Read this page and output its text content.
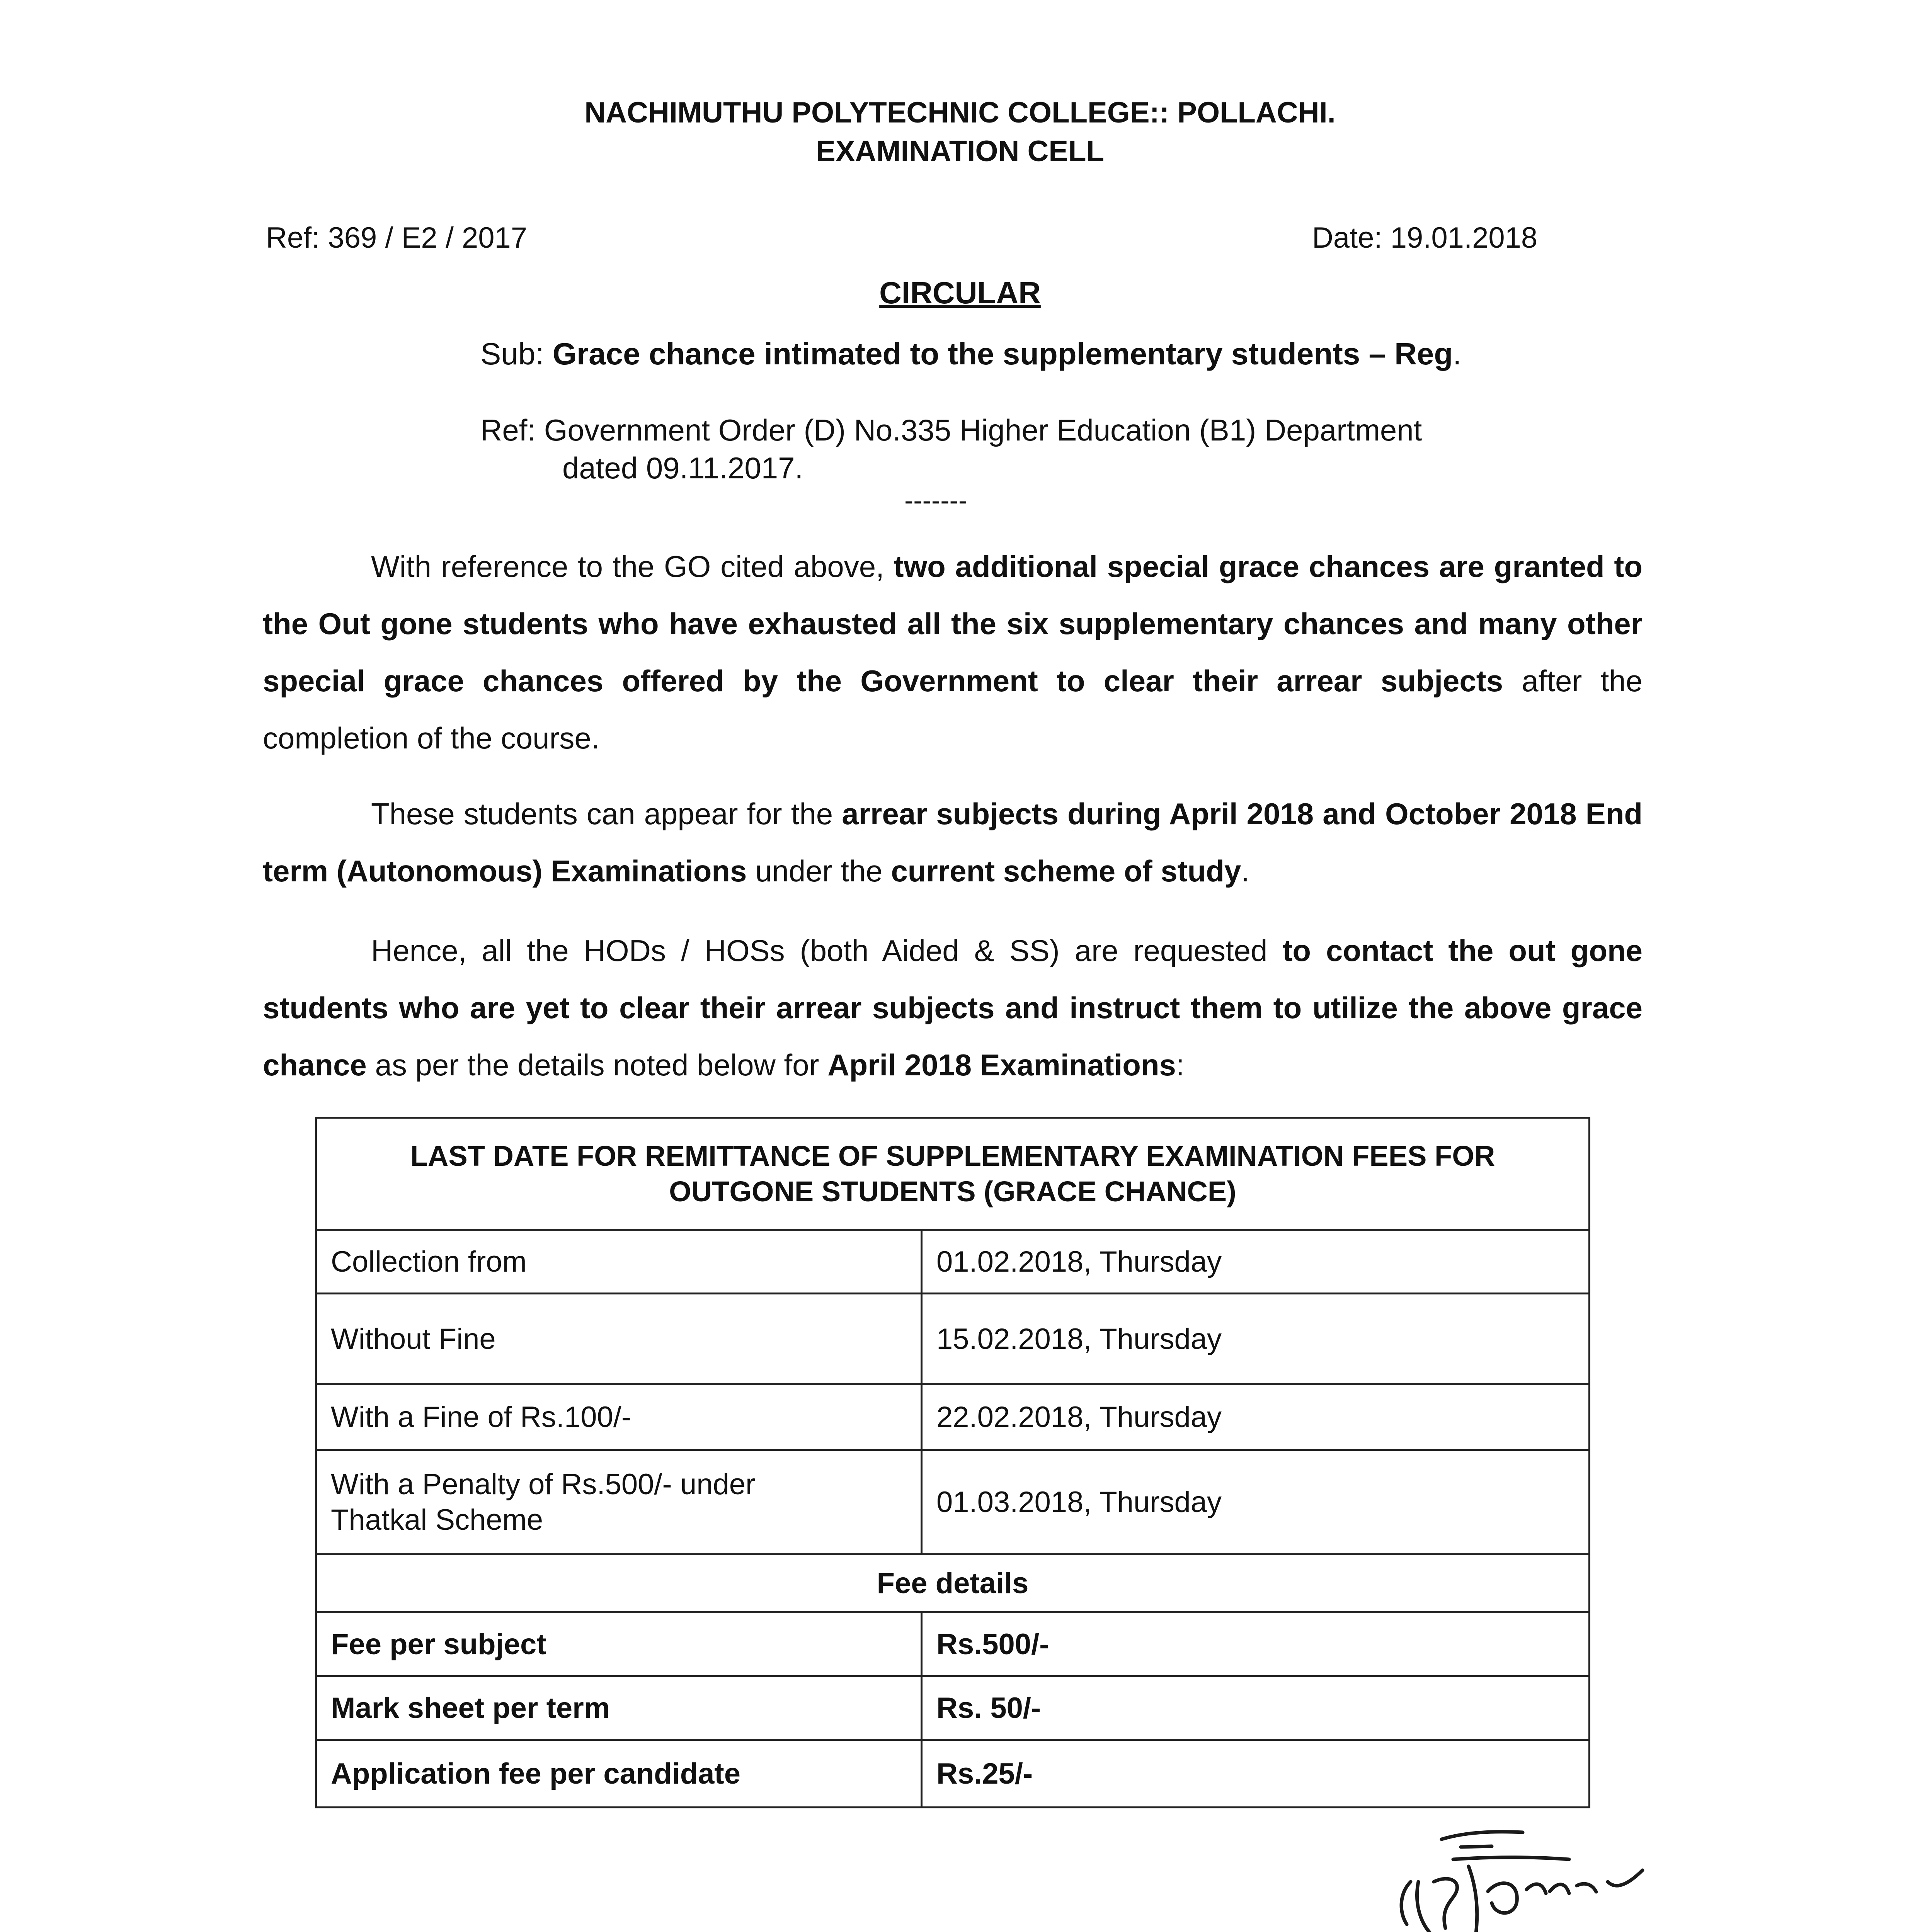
NACHIMUTHU POLYTECHNIC COLLEGE:: POLLACHI.
EXAMINATION CELL
Ref: 369 / E2 / 2017	Date: 19.01.2018
CIRCULAR
Sub: Grace chance intimated to the supplementary students – Reg.
Ref: Government Order (D) No.335 Higher Education (B1) Department
dated 09.11.2017.
-------

With reference to the GO cited above, two additional special grace chances are granted to the Out gone students who have exhausted all the six supplementary chances and many other special grace chances offered by the Government to clear their arrear subjects after the completion of the course.

These students can appear for the arrear subjects during April 2018 and October 2018 End term (Autonomous) Examinations under the current scheme of study.

Hence, all the HODs / HOSs (both Aided & SS) are requested to contact the out gone students who are yet to clear their arrear subjects and instruct them to utilize the above grace chance as per the details noted below for April 2018 Examinations:

LAST DATE FOR REMITTANCE OF SUPPLEMENTARY EXAMINATION FEES FOR
OUTGONE STUDENTS (GRACE CHANCE)	

Collection from	01.02.2018, Thursday
Without Fine	15.02.2018, Thursday
With a Fine of Rs.100/-	22.02.2018, Thursday

With a Penalty of Rs.500/- under
Thatkal Scheme	01.03.2018, Thursday
Fee details	
Fee per subject	Rs.500/-
Mark sheet per term	Rs. 50/-
Application fee per candidate	Rs.25/-
